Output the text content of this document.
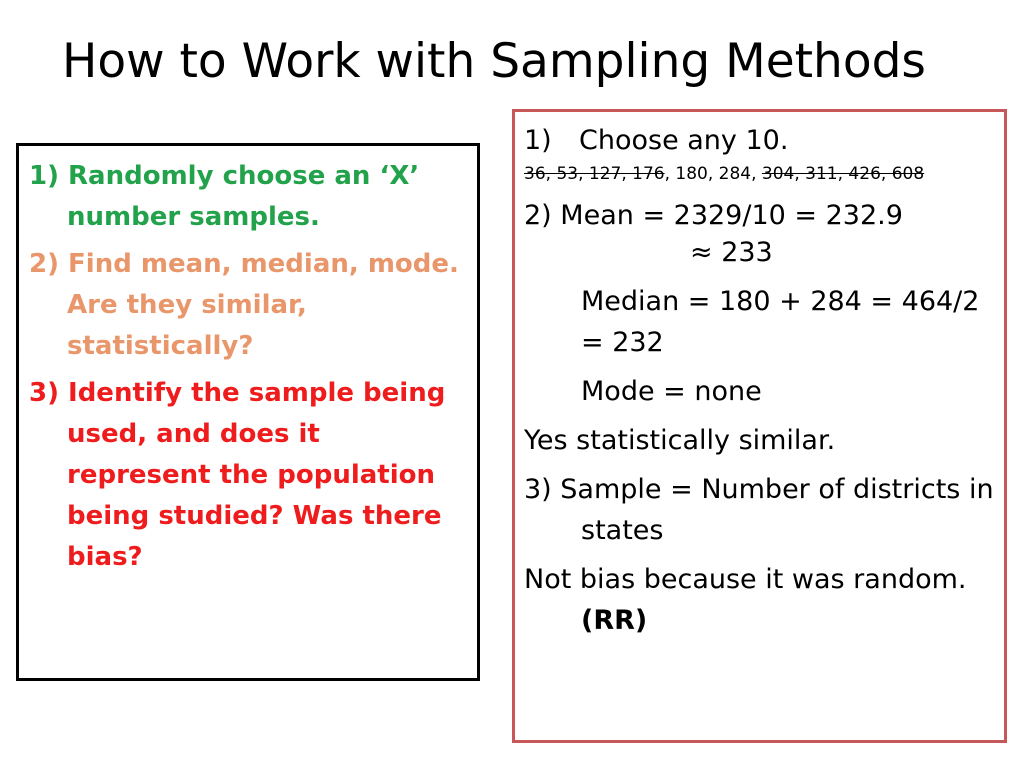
How to Work with Sampling Methods
1) Randomly choose an ‘X’ number samples.
2) Find mean, median, mode. Are they similar, statistically?
3) Identify the sample being used, and does it represent the population being studied? Was there bias?
1) Choose any 10.
36, 53, 127, 176, 180, 284, 304, 311, 426, 608
2) Mean = 2329/10 = 232.9
≈ 233
Median = 180 + 284 = 464/2 = 232
Mode = none
Yes statistically similar.
3) Sample = Number of districts in states
Not bias because it was random. (RR)
